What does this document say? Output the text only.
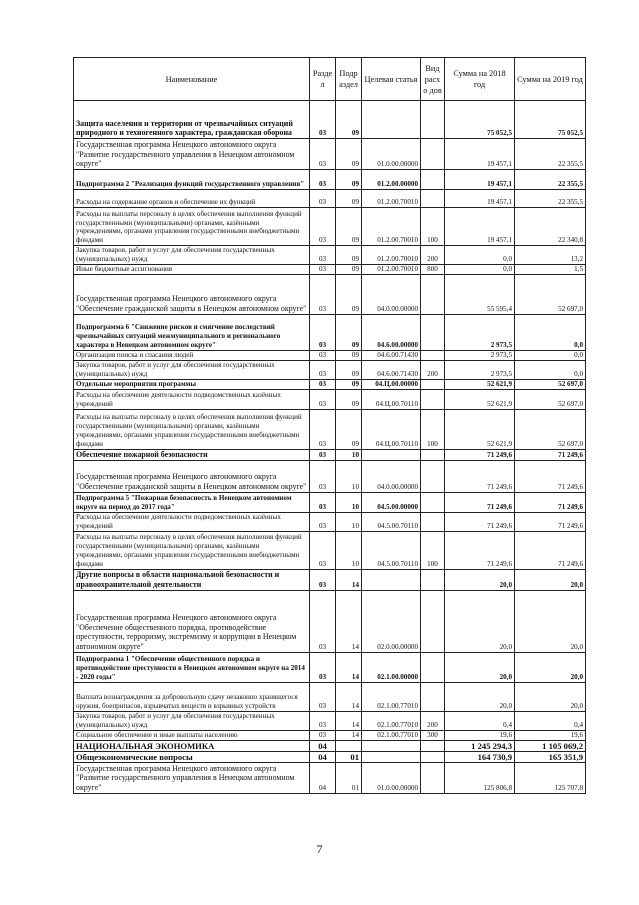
Наименование	Разде л	Подр аздел	Целевая статья	Вид расхо дов	Сумма на 2018 год	Сумма на 2019 год
Защита населения и территории от чрезвычайных ситуаций природного и техногенного характера, гражданская оборона	03	09			75 052,5	75 052,5
Государственная программа Ненецкого автономного округа "Развитие государственного управления в Ненецком автономном округе"	03	09	01.0.00.00000		19 457,1	22 355,5
Подпрограмма 2 "Реализация функций государственного управления"	03	09	01.2.00.00000		19 457,1	22 355,5
Расходы на содержание органов и обеспечение их функций	03	09	01.2.00.70010		19 457,1	22 355,5
Расходы на выплаты персоналу в целях обеспечения выполнения функций государственными (муниципальными) органами, казёнными учреждениями, органами управления государственными внебюджетными фондами	03	09	01.2.00.70010	100	19 457,1	22 340,8
Закупка товаров, работ и услуг для обеспечения государственных (муниципальных) нужд	03	09	01.2.00.70010	200	0,0	13,2
Иные бюджетные ассигнования	03	09	01.2.00.70010	800	0,0	1,5
Государственная программа Ненецкого автономного округа "Обеспечение гражданской защиты в Ненецком автономном округе"	03	09	04.0.00.00000		55 595,4	52 697,0
Подпрограмма 6 "Снижение рисков и смягчение последствий чрезвычайных ситуаций межмуниципального и регионального характера в Ненецком автономном округе"	03	09	04.6.00.00000		2 973,5	0,0
Организация поиска и спасания людей	03	09	04.6.00.71430		2 973,5	0,0
Закупка товаров, работ и услуг для обеспечения государственных (муниципальных) нужд	03	09	04.6.00.71430	200	2 973,5	0,0
Отдельные мероприятия программы	03	09	04.Ц.00.00000		52 621,9	52 697,0
Расходы на обеспечение деятельности подведомственных казённых учреждений	03	09	04.Ц.00.70110		52 621,9	52 697,0
Расходы на выплаты персоналу в целях обеспечения выполнения функций государственными (муниципальными) органами, казёнными учреждениями, органами управления государственными внебюджетными фондами	03	09	04.Ц.00.70110	100	52 621,9	52 697,0
Обеспечение пожарной безопасности	03	10			71 249,6	71 249,6
Государственная программа Ненецкого автономного округа "Обеспечение гражданской защиты в Ненецком автономном округе"	03	10	04.0.00.00000		71 249,6	71 249,6
Подпрограмма 5 "Пожарная безопасность в Ненецком автономном округе на период до 2017 года"	03	10	04.5.00.00000		71 249,6	71 249,6
Расходы на обеспечение деятельности подведомственных казённых учреждений	03	10	04.5.00.70110		71 249,6	71 249,6
Расходы на выплаты персоналу в целях обеспечения выполнения функций государственными (муниципальными) органами, казёнными учреждениями, органами управления государственными внебюджетными фондами	03	10	04.5.00.70110	100	71 249,6	71 249,6
Другие вопросы в области национальной безопасности и правоохранительной деятельности	03	14			20,0	20,0
Государственная программа Ненецкого автономного округа "Обеспечение общественного порядка, противодействие преступности, терроризму, экстремизму и коррупции в Ненецком автономном округе"	03	14	02.0.00.00000		20,0	20,0
Подпрограмма 1 "Обеспечение общественного порядка и противодействие преступности в Ненецком автономном округе на 2014 - 2020 годы"	03	14	02.1.00.00000		20,0	20,0
Выплата вознаграждения за добровольную сдачу незаконно хранящегося оружия, боеприпасов, взрывчатых веществ и взрывных устройств	03	14	02.1.00.77010		20,0	20,0
Закупка товаров, работ и услуг для обеспечения государственных (муниципальных) нужд	03	14	02.1.00.77010	200	0,4	0,4
Социальное обеспечение и иные выплаты населению	03	14	02.1.00.77010	300	19,6	19,6
НАЦИОНАЛЬНАЯ ЭКОНОМИКА	04				1 245 294,3	1 105 069,2
Общеэкономические вопросы	04	01			164 730,9	165 351,9
Государственная программа Ненецкого автономного округа "Развитие государственного управления в Ненецком автономном округе"	04	01	01.0.00.00000		125 806,8	125 707,8
7
